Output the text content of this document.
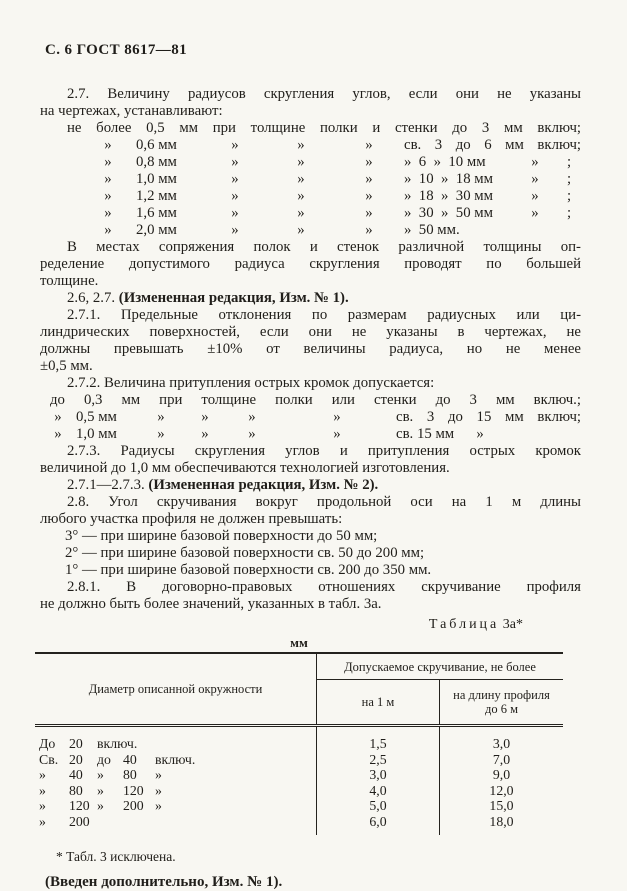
С. 6 ГОСТ 8617—81
2.7. Величину радиусов скругления углов, если они не указаны
на чертежах, устанавливают:
не более 0,5 мм при толщине полки и стенки до 3 мм включ;
»	0,6 мм	»	»	»	св. 3 до 6 мм включ;
»	0,8 мм	»	»	»	»  6  »  10 мм	»	;
»	1,0 мм	»	»	»	»  10  »  18 мм	»	;
»	1,2 мм	»	»	»	»  18  »  30 мм	»	;
»	1,6 мм	»	»	»	»  30  »  50 мм	»	;
»	2,0 мм	»	»	»	»  50 мм.
В местах сопряжения полок и стенок различной толщины оп-
ределение допустимого радиуса скругления проводят по большей
толщине.
2.6, 2.7. (Измененная редакция, Изм. № 1).
2.7.1. Предельные отклонения по размерам радиусных или ци-
линдрических поверхностей, если они не указаны в чертежах, не
должны превышать ±10% от величины радиуса, но не менее
±0,5 мм.
2.7.2. Величина притупления острых кромок допускается:
до 0,3 мм при толщине полки или стенки до 3 мм включ.;
» 0,5 мм	»	»	»	»	св. 3 до 15 мм включ;
» 1,0 мм	»	»	»	»	св. 15 мм      »
2.7.3. Радиусы скругления углов и притупления острых кромок
величиной до 1,0 мм обеспечиваются технологией изготовления.
2.7.1—2.7.3. (Измененная редакция, Изм. № 2).
2.8. Угол скручивания вокруг продольной оси на 1 м длины
любого участка профиля не должен превышать:
3° — при ширине базовой поверхности до 50 мм;
2° — при ширине базовой поверхности св. 50 до 200 мм;
1° — при ширине базовой поверхности св. 200 до 350 мм.
2.8.1. В договорно-правовых отношениях скручивание профиля
не должно быть более значений, указанных в табл. 3а.
Таблица 3а*
мм
Диаметр описанной окружности
Допускаемое скручивание, не более
на 1 м	на длину профиля до 6 м
До 20	включ.	1,5	3,0
Св. 20	до 40	включ.	2,5	7,0
»	40	»	80	»	3,0	9,0
»	80	»	120 »	4,0	12,0
»	120 »	200 »	5,0	15,0
»	200	6,0	18,0
* Табл. 3 исключена.
(Введен дополнительно, Изм. № 1).
